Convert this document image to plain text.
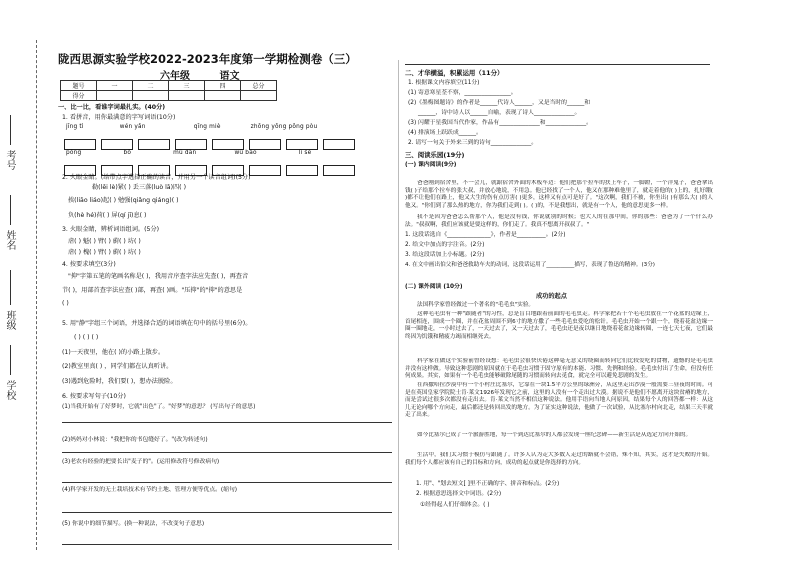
考号
姓名
班级
学校
陇西思源实验学校2022-2023年度第一学期检测卷（三）
六年级	语文
题号	一	二	三	四	总分
得分					
一、比一比，看谁字词最扎实。(40分)
1. 看拼音，用你最满意的字写词语(10分)
jīng tì	wén yǎn	qīng miè	zhōng yōng pōng pòu
pōng	bō	mǔ dān	wú bāo	lì sè
2. 火眼金睛。(给带点字选择正确的读音，并用另一个读音组词)(5分)
勒(lēi lè)紧( ) 丢三落(luò lā)四( )
挨(liāo liáo)起( ) 勉强(qiǎng qiáng)( )
负(hè hé)荷( ) 屏(qí jī)息( )
3. 火眼金睛，辨析词语组词。(5分)
虐( ) 魁( ) 臂( ) 蔚( ) 坊( )
虐( ) 槐( ) 臂( ) 蔚( ) 坊( )
4. 按要求填空(3分)
"抑"字第五笔的笔画名称是( )，我用音序查字法应先查( )，再查音
节( )，用部首查字法应查( )部，再查( )画。"压抑"的"抑"的意思是
( )
5. 用"静"字组三个词语，并选择合适的词语填在句中的括号里(6分)。
( ) ( ) ( )
(1)一天夜里，他在( )的小路上散步。
(2)教室里真( ) ，同学们都在认真听讲。
(3)遇到危险时，我们要( )，想办法脱险。
6. 按要求写句子(10分)
(1)当我开始有了好梦时，它就"出色"了。"好梦"的意思？ (写出句子的意思)
(2)妈妈对小林说："我把你的书包缝好了。"(改为转述句)
(3)老农有经验的把要长出"麦子的"。(运用修改符号修改病句)
(4)科学家开发的无土栽培技术有节约土地、管理方便等优点。(缩句)
(5) 你说中的细节描写。(换一种说法，不改变句子意思)
二、才华横溢，积累运用（11分）
1. 根据课文内容填空(11分)
(1) 寄意寒星荃不察，________________。
(2)《墨梅图题诗》的作者是______代诗人______，又是当时的______和
______，诗中诗人以______自喻，表现了诗人______________。
(3) 闪耀于星我国当代作家，作品有______________和______________。
(4) 排演场上跃跃成______。
2. 请写一句关于外来三到的诗句______________。
三、阅读乐园(19分)
(一) 课内阅读(9分)
爸爸刚到宿舍里，不一会儿，就跟宿舍外面的木板车边：他们把那个拉车的扶上车子，一脚蹬，一个洋鬼子，爸爸拿出钱( )子给那个拉车的张大叔，并放心地说，不用急。他已经找了一个人，他又在那种难他里了，就走着他的( )上的，扎好绷( )都不让他们在路上，他又大生的伤有点厉害( )更多，这样又有点可是好了。"这次啊，我们不被，你坐出( )有那么大( )的人他又。"你们到了那么热的地方，你为我们走到( )。( )的，不是我想出，就是有一个人，他的意思更多一样。
我不是因为爸爸怎么帮那个人，他是没有钱，你说就别的时候；也大人的在那中间，你的那些：爸爸为了一个什么办法。"叔叔啊，我们应该就是要这样的，你们走了。我真不想离开叔叔了。"
1. 这段话选自《_______________》，作者是__________。(2分)
2. 给文中加点的字注音。(2分)
3. 给这段话加上小标题。(2分)
4. 在文中画出伯父和爸爸救助车夫的动词，这段话运用了__________描写，表现了鲁迅的精神。(3分)
(二) 课外阅读 (10分)
成功的起点
法国科学家曾经做过一个著名的"毛毛虫"实验。
这种毛毛虫有一种"跟随者"的习性，总是盲目地跟着前面的毛毛虫走。科学家把若干个毛毛虫放在一个花盆的边缘上，首尾相连，围成一个圈，并在花盆周围不到6寸的地方撒了一些毛毛虫爱吃的松针。毛毛虫开始一个跟一个，绕着花盆边缘一圈一圈地走，一小时过去了，一天过去了，又一天过去了，毛毛虫还是夜以继日地绕着花盆边缘转圈，一连七天七夜，它们最终因为饥饿和精疲力竭而相继死去。
科学家在做这个实验前曾经设想：毛毛虫会很快厌倦这种毫无意义的绕圈而转向它们比较爱吃的食物，遗憾的是毛毛虫并没有这样做。导致这种悲剧的原因就在于毛毛虫习惯于固守原有的本能、习惯、先例和经验。毛毛虫付出了生命，但没有任何成果。其实，如果有一个毛毛虫能够破除尾随的习惯而转向去觅食，就完全可以避免悲剧的发生。
在西撒哈拉沙漠中有一个小村庄比塞尔，它靠在一块1.5平方公里的绿洲旁，从这里走出沙漠一般需要三昼夜的时间。可是在英国皇家学院院士肯·莱文1926年发现它之前，这里的人没有一个走出过大漠。据说不是他们不愿离开这块贫瘠的地方，而是尝试过很多次都没有走出去。肯·莱文当然不相信这种说法。他用手语向当地人问原因，结果每个人的回答都一样：从这儿无论向哪个方向走，最后都还是转回出发的地方。为了证实这种说法，他做了一次试验，从比塞尔村向北走，结果三天半就走了出来。
如今比塞尔已成了一个旅游胜地，每一个到达比塞尔的人都会发现一座纪念碑——新生活是从选定方向开始的。
生活中，我们太习惯于模仿与跟随了。许多人认为走大多数人走过的路就不会错，殊不知，其实，这才是失败的开始。我们每个人都应该有自己的目标和方向，成功的起点就是你选择的方向。
1. 用"、"划去短文[ ]里不正确的字、拼音和标点。(2分)
2. 根据意思选择文中词语。(2分)
①经得起人们仔细体会。( )
